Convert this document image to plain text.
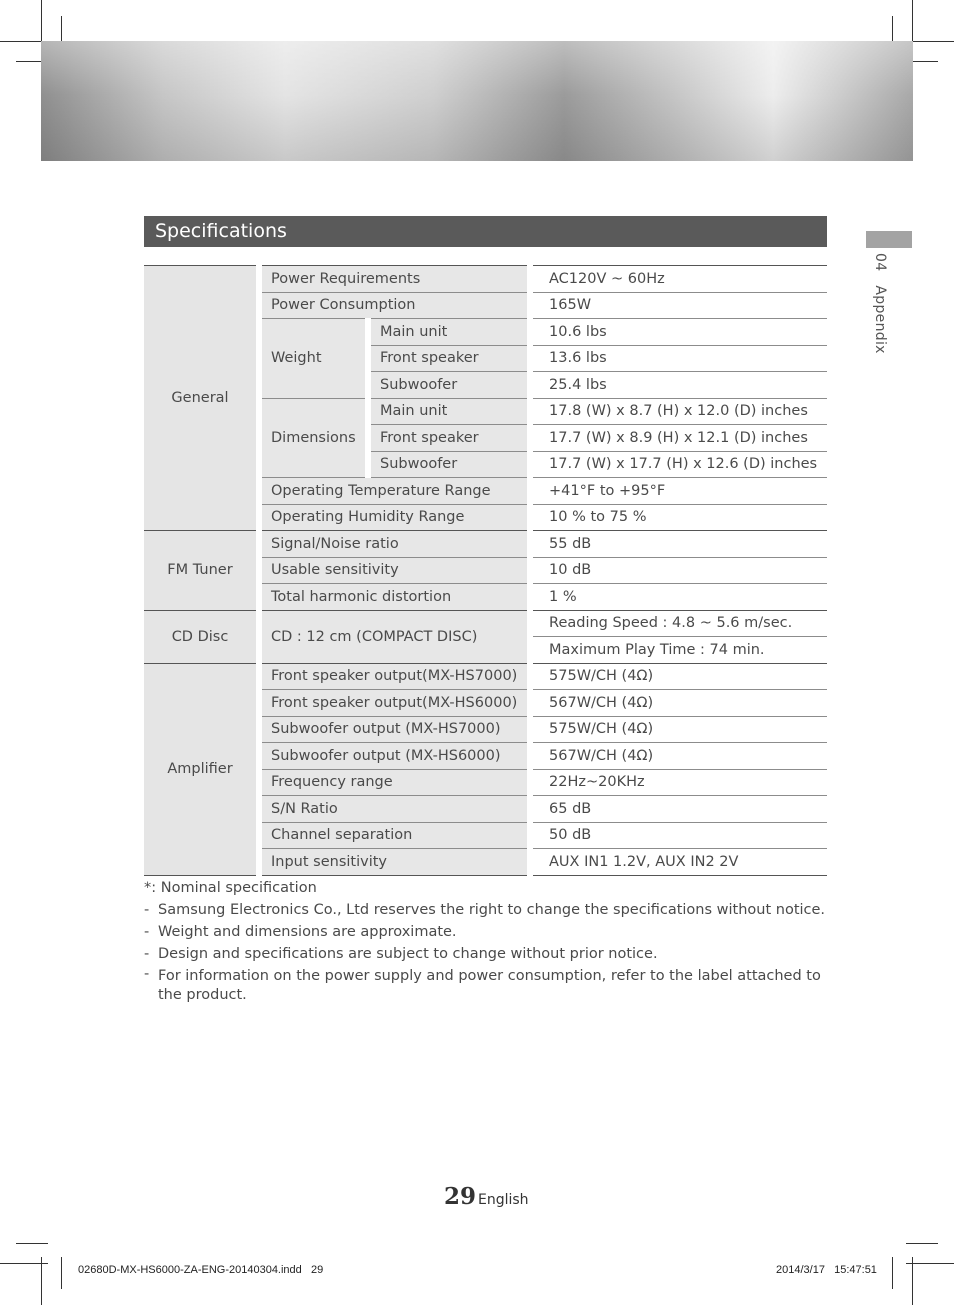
Specifications
04Appendix
General	Power Requirements		AC120V ~ 60Hz
	Power Consumption		165W
	Weight	Main unit	10.6 lbs
		Front speaker	13.6 lbs
		Subwoofer	25.4 lbs
	Dimensions	Main unit	17.8 (W) x 8.7 (H) x 12.0 (D) inches
		Front speaker	17.7 (W) x 8.9 (H) x 12.1 (D) inches
		Subwoofer	17.7 (W) x 17.7 (H) x 12.6 (D) inches
	Operating Temperature Range		+41°F to +95°F
	Operating Humidity Range		10 % to 75 %
FM Tuner	Signal/Noise ratio		55 dB
	Usable sensitivity		10 dB
	Total harmonic distortion		1 %
CD Disc	CD : 12 cm (COMPACT DISC)		Reading Speed : 4.8 ~ 5.6 m/sec.
			Maximum Play Time : 74 min.
Amplifier	Front speaker output(MX-HS7000)		575W/CH (4Ω)
	Front speaker output(MX-HS6000)		567W/CH (4Ω)
	Subwoofer output (MX-HS7000)		575W/CH (4Ω)
	Subwoofer output (MX-HS6000)		567W/CH (4Ω)
	Frequency range		22Hz~20KHz
	S/N Ratio		65 dB
	Channel separation		50 dB
	Input sensitivity		AUX IN1 1.2V, AUX IN2 2V
*: Nominal specification
- Samsung Electronics Co., Ltd reserves the right to change the specifications without notice.
- Weight and dimensions are approximate.
- Design and specifications are subject to change without prior notice.
- For information on the power supply and power consumption, refer to the label attached to the product.
29 English
02680D-MX-HS6000-ZA-ENG-20140304.indd   29	2014/3/17   15:47:51
